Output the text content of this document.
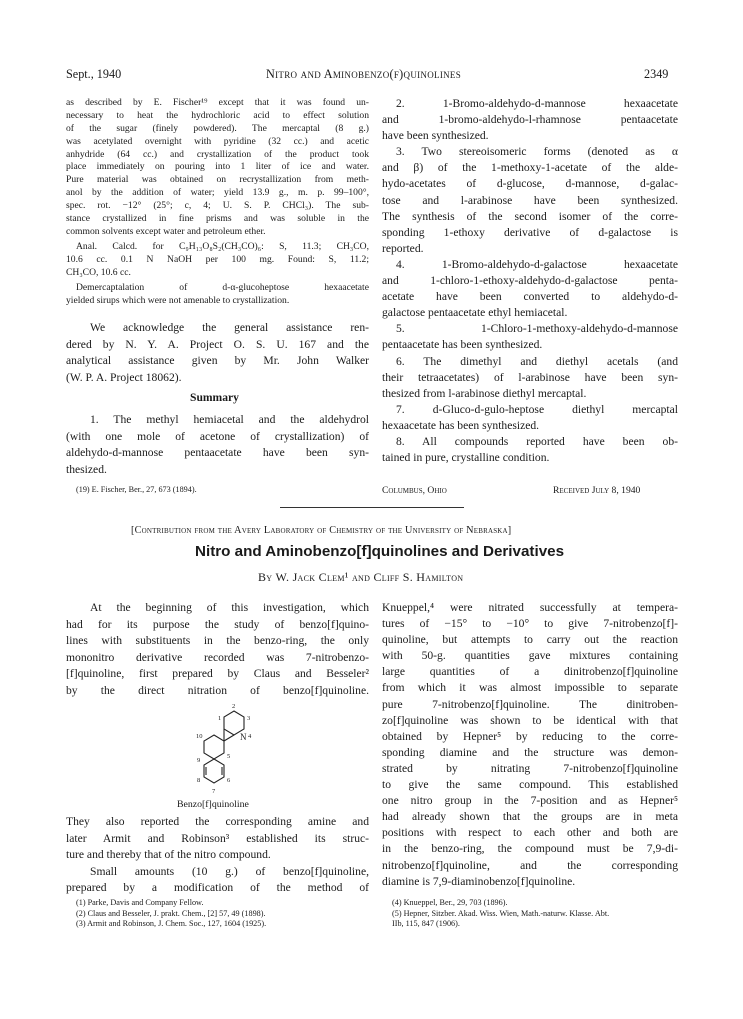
Sept., 1940	Nitro and Aminobenzo(f)quinolines	2349
as described by E. Fischer¹⁹ except that it was found un-
necessary to heat the hydrochloric acid to effect solution
of the sugar (finely powdered). The mercaptal (8 g.)
was acetylated overnight with pyridine (32 cc.) and acetic
anhydride (64 cc.) and crystallization of the product took
place immediately on pouring into 1 liter of ice and water.
Pure material was obtained on recrystallization from meth-
anol by the addition of water; yield 13.9 g., m. p. 99–100°,
spec. rot. −12° (25°; c, 4; U. S. P. CHCl₃). The sub-
stance crystallized in fine prisms and was soluble in the
common solvents except water and petroleum ether.
Anal. Calcd. for C₉H₁₃O₈S₂(CH₃CO)₆: S, 11.3; CH₃CO,
10.6 cc. 0.1 N NaOH per 100 mg. Found: S, 11.2;
CH₃CO, 10.6 cc.
Demercaptalation of d-α-glucoheptose hexaacetate
yielded sirups which were not amenable to crystallization.
We acknowledge the general assistance ren-
dered by N. Y. A. Project O. S. U. 167 and the
analytical assistance given by Mr. John Walker
(W. P. A. Project 18062).
Summary
1. The methyl hemiacetal and the aldehydrol
(with one mole of acetone of crystallization) of
aldehydo-d-mannose pentaacetate have been syn-
thesized.
(19) E. Fischer, Ber., 27, 673 (1894).
2. 1-Bromo-aldehydo-d-mannose hexaacetate
and 1-bromo-aldehydo-l-rhamnose pentaacetate
have been synthesized.
3. Two stereoisomeric forms (denoted as α
and β) of the 1-methoxy-1-acetate of the alde-
hydo-acetates of d-glucose, d-mannose, d-galac-
tose and l-arabinose have been synthesized.
The synthesis of the second isomer of the corre-
sponding 1-ethoxy derivative of d-galactose is
reported.
4. 1-Bromo-aldehydo-d-galactose hexaacetate
and 1-chloro-1-ethoxy-aldehydo-d-galactose penta-
acetate have been converted to aldehydo-d-
galactose pentaacetate ethyl hemiacetal.
5. 1-Chloro-1-methoxy-aldehydo-d-mannose
pentaacetate has been synthesized.
6. The dimethyl and diethyl acetals (and
their tetraacetates) of l-arabinose have been syn-
thesized from l-arabinose diethyl mercaptal.
7. d-Gluco-d-gulo-heptose diethyl mercaptal
hexaacetate has been synthesized.
8. All compounds reported have been ob-
tained in pure, crystalline condition.
Columbus, Ohio	Received July 8, 1940
[Contribution from the Avery Laboratory of Chemistry of the University of Nebraska]
Nitro and Aminobenzo[f]quinolines and Derivatives
By W. Jack Clem¹ and Cliff S. Hamilton
At the beginning of this investigation, which
had for its purpose the study of benzo[f]quino-
lines with substituents in the benzo-ring, the only
mononitro derivative recorded was 7-nitrobenzo-
[f]quinoline, first prepared by Claus and Besseler²
by the direct nitration of benzo[f]quinoline.
2
1	3
N 4
10
5
6
7
8
9
Benzo[f]quinoline
They also reported the corresponding amine and
later Armit and Robinson³ established its struc-
ture and thereby that of the nitro compound.
Small amounts (10 g.) of benzo[f]quinoline,
prepared by a modification of the method of
(1) Parke, Davis and Company Fellow.
(2) Claus and Besseler, J. prakt. Chem., [2] 57, 49 (1898).
(3) Armit and Robinson, J. Chem. Soc., 127, 1604 (1925).
Knueppel,⁴ were nitrated successfully at tempera-
tures of −15° to −10° to give 7-nitrobenzo[f]-
quinoline, but attempts to carry out the reaction
with 50-g. quantities gave mixtures containing
large quantities of a dinitrobenzo[f]quinoline
from which it was almost impossible to separate
pure 7-nitrobenzo[f]quinoline. The dinitroben-
zo[f]quinoline was shown to be identical with that
obtained by Hepner⁵ by reducing to the corre-
sponding diamine and the structure was demon-
strated by nitrating 7-nitrobenzo[f]quinoline
to give the same compound. This established
one nitro group in the 7-position and as Hepner⁵
had already shown that the groups are in meta
positions with respect to each other and both are
in the benzo-ring, the compound must be 7,9-di-
nitrobenzo[f]quinoline, and the corresponding
diamine is 7,9-diaminobenzo[f]quinoline.
(4) Knueppel, Ber., 29, 703 (1896).
(5) Hepner, Sitzber. Akad. Wiss. Wien, Math.-naturw. Klasse. Abt.
IIb, 115, 847 (1906).
